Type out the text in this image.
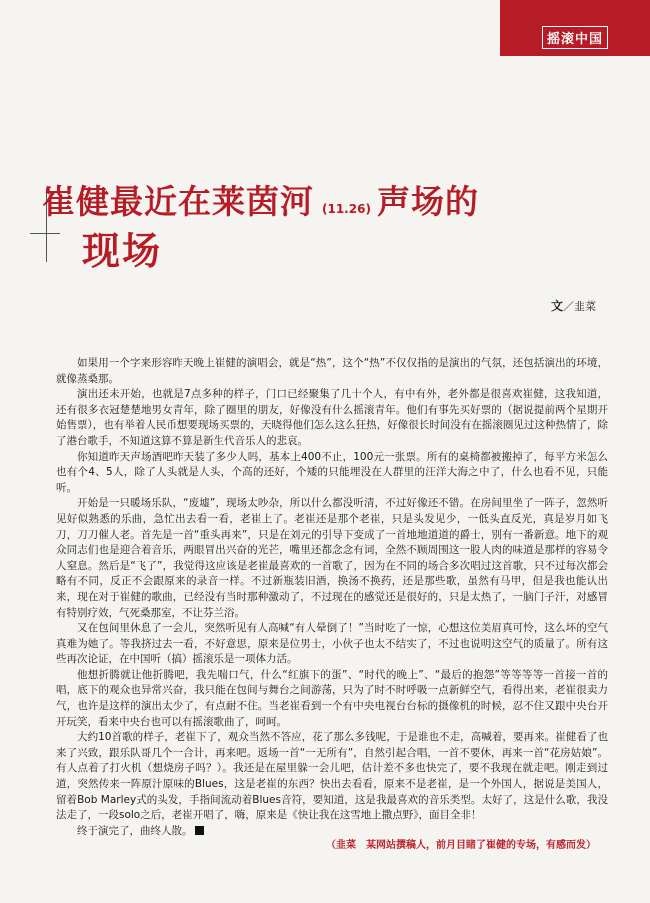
摇滚中国
崔健最近在莱茵河 (11.26) 声场的
现场
文／韭菜

如果用一个字来形容昨天晚上崔健的演唱会，就是“热”，这个“热”不仅仅指的是演出的气氛，还包括演出的环境，就像蒸桑那。

演出还未开始，也就是7点多种的样子，门口已经聚集了几十个人，有中有外，老外都是很喜欢崔健，这我知道，还有很多衣冠楚楚地男女青年，除了圈里的朋友，好像没有什么摇滚青年。他们有事先买好票的（据说提前两个星期开始售票），也有举着人民币想要现场买票的，天晓得他们怎么这么狂热，好像很长时间没有在摇滚圈见过这种热情了，除了港台歌手，不知道这算不算是新生代音乐人的悲哀。

你知道昨天声场酒吧昨天装了多少人吗，基本上400不止，100元一张票。所有的桌椅都被搬掉了，每平方米怎么也有个4、5人，除了人头就是人头，个高的还好，个矮的只能埋没在人群里的汪洋大海之中了，什么也看不见，只能听。

开始是一只暖场乐队，“废墟”，现场太吵杂，所以什么都没听清，不过好像还不错。在房间里坐了一阵子，忽然听见好似熟悉的乐曲，急忙出去看一看，老崔上了。老崔还是那个老崔，只是头发见少，一低头直反光，真是岁月如飞刀，刀刀催人老。首先是一首“重头再来”，只是在刘元的引导下变成了一首地地道道的爵士，别有一番新意。地下的观众同志们也是迎合着音乐，两眼冒出兴奋的光芒，嘴里还都念念有词，全然不顾周围这一股人肉的味道是那样的容易令人窒息。然后是“飞了”，我觉得这应该是老崔最喜欢的一首歌了，因为在不同的场合多次唱过这首歌，只不过每次都会略有不同，反正不会跟原来的录音一样。不过新瓶装旧酒，换汤不换药，还是那些歌，虽然有马甲，但是我也能认出来，现在对于崔健的歌曲，已经没有当时那种激动了，不过现在的感觉还是很好的，只是太热了，一脑门子汗，对感冒有特别疗效，气死桑那室，不让芬兰浴。

又在包间里休息了一会儿，突然听见有人高喊“有人晕倒了！”当时吃了一惊，心想这位美眉真可怜，这么坏的空气真难为她了。等我挤过去一看，不好意思，原来是位男士，小伙子也太不结实了，不过也说明这空气的质量了。所有这些再次论证，在中国听（搞）摇滚乐是一项体力活。

他想折腾就让他折腾吧，我先喘口气，什么“红旗下的蛋”、“时代的晚上”、“最后的抱怨”等等等等一首接一首的唱，底下的观众也异常兴奋，我只能在包间与舞台之间游荡，只为了时不时呼吸一点新鲜空气，看得出来，老崔很卖力气，也许是这样的演出太少了，有点耐不住。当老崔看到一个有中央电视台台标的摄像机的时候，忍不住又跟中央台开开玩笑，看来中央台也可以有摇滚歌曲了，呵呵。

大约10首歌的样子，老崔下了，观众当然不答应，花了那么多钱呢，于是谁也不走，高喊着，要再来。崔健看了也来了兴致，跟乐队哥几个一合计，再来吧。返场一首“一无所有”，自然引起合唱，一首不要休，再来一首“花房姑娘”。有人点着了打火机（想烧房子吗？）。我还是在屋里躲一会儿吧，估计差不多也快完了，要不我现在就走吧。刚走到过道，突然传来一阵原汁原味的Blues，这是老崔的东西？快出去看看，原来不是老崔，是一个外国人，据说是美国人，留着Bob Marley式的头发，手指间流动着Blues音符，要知道，这是我最喜欢的音乐类型。太好了，这是什么歌，我没法走了，一段solo之后，老崔开唱了，嗨，原来是《快让我在这雪地上撒点野》，面目全非！

终于演完了，曲终人散。

（韭菜　某网站撰稿人，前月目睹了崔健的专场，有感而发）
